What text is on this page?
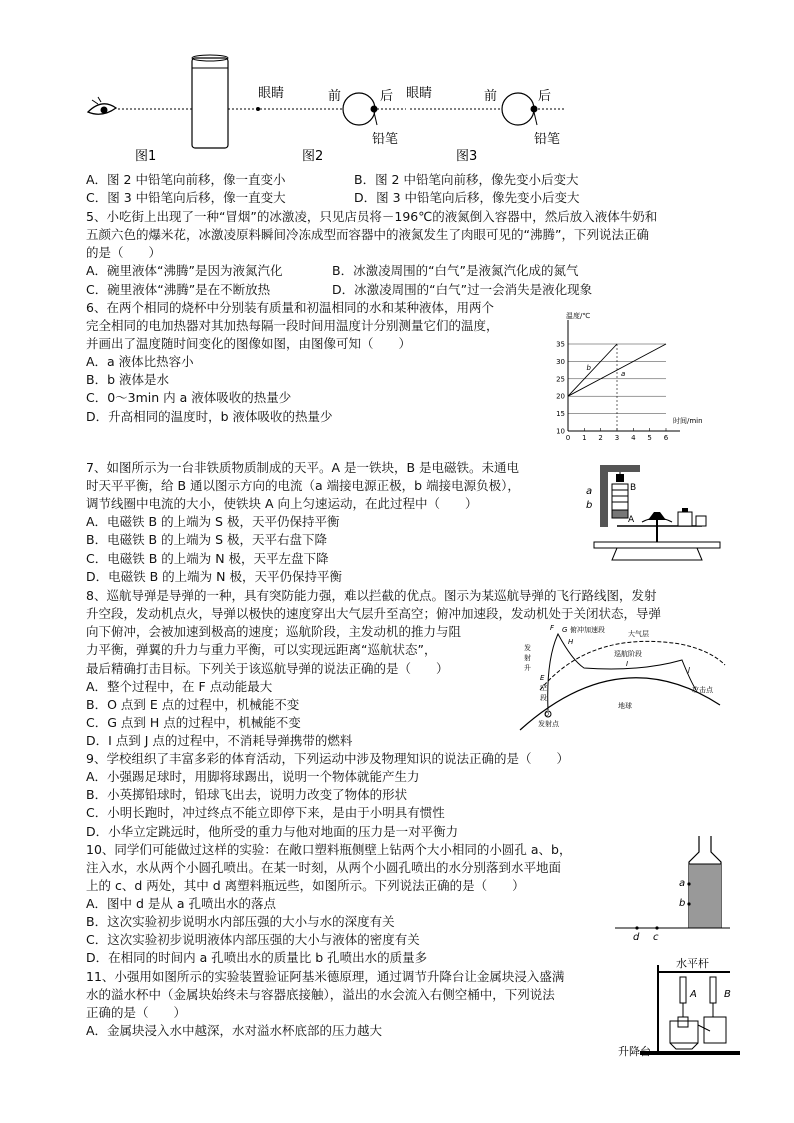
图1
眼睛	前	后
铅笔
图2
眼睛	前	后
铅笔
图3
A．图 2 中铅笔向前移，像一直变小	B．图 2 中铅笔向前移，像先变小后变大
C．图 3 中铅笔向后移，像一直变大	D．图 3 中铅笔向后移，像先变小后变大
5、小吃街上出现了一种“冒烟”的冰激凌，只见店员将－196℃的液氮倒入容器中，然后放入液体牛奶和
五颜六色的爆米花，冰激凌原料瞬间冷冻成型而容器中的液氮发生了肉眼可见的“沸腾”，下列说法正确
的是（　　）
A．碗里液体“沸腾”是因为液氮汽化	B．冰激凌周围的“白气”是液氮汽化成的氮气
C．碗里液体“沸腾”是在不断放热	D．冰激凌周围的“白气”过一会消失是液化现象
6、在两个相同的烧杯中分别装有质量和初温相同的水和某种液体，用两个
完全相同的电加热器对其加热每隔一段时间用温度计分别测量它们的温度，
并画出了温度随时间变化的图像如图，由图像可知（　　）
A．a 液体比热容小
B．b 液体是水
C．0～3min 内 a 液体吸收的热量少
D．升高相同的温度时，b 液体吸收的热量少
温度/℃
时间/min
10
15
20
25
30
35
0 1 2 3 4 5 6
b
a
7、如图所示为一台非铁质物质制成的天平。A 是一铁块，B 是电磁铁。未通电
时天平平衡，给 B 通以图示方向的电流（a 端接电源正极，b 端接电源负极），
调节线圈中电流的大小，使铁块 A 向上匀速运动，在此过程中（　　）
A．电磁铁 B 的上端为 S 极，天平仍保持平衡
B．电磁铁 B 的上端为 S 极，天平右盘下降
C．电磁铁 B 的上端为 N 极，天平左盘下降
D．电磁铁 B 的上端为 N 极，天平仍保持平衡
a
b
A
B
8、巡航导弹是导弹的一种，具有突防能力强，难以拦截的优点。图示为某巡航导弹的飞行路线图，发射
升空段，发动机点火，导弹以极快的速度穿出大气层升至高空；俯冲加速段，发动机处于关闭状态，导弹
向下俯冲，会被加速到极高的速度；巡航阶段，主发动机的推力与阻
力平衡，弹翼的升力与重力平衡，可以实现远距离“巡航状态”，
最后精确打击目标。下列关于该巡航导弹的说法正确的是（　　）
A．整个过程中，在 F 点动能最大
B．O 点到 E 点的过程中，机械能不变
C．G 点到 H 点的过程中，机械能不变
D．I 点到 J 点的过程中，不消耗导弹携带的燃料
F G 俯冲加速段
H
大气层
巡航阶段
I
J
发
射
升
E
空
段
地球
攻击点
O
发射点
9、学校组织了丰富多彩的体育活动，下列运动中涉及物理知识的说法正确的是（　　）
A．小强踢足球时，用脚将球踢出，说明一个物体就能产生力
B．小英掷铅球时，铅球飞出去，说明力改变了物体的形状
C．小明长跑时，冲过终点不能立即停下来，是由于小明具有惯性
D．小华立定跳远时，他所受的重力与他对地面的压力是一对平衡力
10、同学们可能做过这样的实验：在敞口塑料瓶侧壁上钻两个大小相同的小圆孔 a、b，
注入水，水从两个小圆孔喷出。在某一时刻，从两个小圆孔喷出的水分别落到水平地面
上的 c、d 两处，其中 d 离塑料瓶远些，如图所示。下列说法正确的是（　　）
A．图中 d 是从 a 孔喷出水的落点
B．这次实验初步说明水内部压强的大小与水的深度有关
C．这次实验初步说明液体内部压强的大小与液体的密度有关
D．在相同的时间内 a 孔喷出水的质量比 b 孔喷出水的质量多
a
b
d c
11、小强用如图所示的实验装置验证阿基米德原理，通过调节升降台让金属块浸入盛满
水的溢水杯中（金属块始终未与容器底接触），溢出的水会流入右侧空桶中，下列说法
正确的是（　　）
A．金属块浸入水中越深，水对溢水杯底部的压力越大
水平杆
A	B
升降台
